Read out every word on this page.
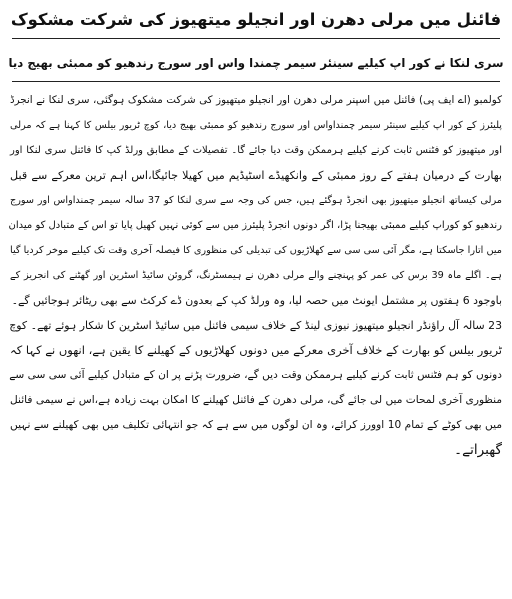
فائنل میں مرلی دھرن اور انجیلو میتھیوز کی شرکت مشکوک
سری لنکا نے کور اپ کیلیے سینئر سیمر چمندا واس اور سورج رندھیو کو ممبئی بھیج دیا
کولمبو (اے ایف پی) فائنل میں اسپنر مرلی دھرن اور انجیلو میتھیوز کی شرکت مشکوک ہوگئی، سری لنکا نے انجرڈ
پلیئرز کے کور اپ کیلیے سینئر سیمر چمنداواس اور سورج رندھیو کو ممبئی بھیج دیا، کوچ ٹریور بیلس کا کہنا ہے کہ مرلی
اور میتھیوز کو فٹنس ثابت کرنے کیلیے ہرممکن وقت دیا جائے گا۔ تفصیلات کے مطابق ورلڈ کپ کا فائنل سری لنکا اور
بھارت کے درمیان ہفتے کے روز ممبئی کے وانکھیڈے اسٹیڈیم میں کھیلا جائیگا،اس اہم ترین معرکے سے قبل
مرلی کیساتھ انجیلو میتھیوز بھی انجرڈ ہوگئے ہیں، جس کی وجہ سے سری لنکا کو 37 سالہ سیمر چمنداواس اور سورج
رندھیو کو کوراپ کیلیے ممبئی بھیجنا پڑا، اگر دونوں انجرڈ پلیئرز میں سے کوئی نہیں کھیل پایا تو اس کے متبادل کو میدان
میں اتارا جاسکتا ہے، مگر آئی سی سی سے کھلاڑیوں کی تبدیلی کی منظوری کا فیصلہ آخری وقت تک کیلیے موخر کردیا گیا
ہے۔ اگلے ماہ 39 برس کی عمر کو پہنچنے والے مرلی دھرن نے ہیمسٹرنگ، گروئن سائیڈ اسٹرین اور گھٹنے کی انجریز کے
باوجود 6 ہفتوں پر مشتمل ایونٹ میں حصہ لیا، وہ ورلڈ کپ کے بعدون ڈے کرکٹ سے بھی ریٹائر ہوجائیں گے۔
23 سالہ آل راؤنڈر انجیلو میتھیوز نیوزی لینڈ کے خلاف سیمی فائنل میں سائیڈ اسٹرین کا شکار ہوئے تھے۔ کوچ
ٹریور بیلس کو بھارت کے خلاف آخری معرکے میں دونوں کھلاڑیوں کے کھیلنے کا یقین ہے، انھوں نے کہا کہ
دونوں کو ہم فٹنس ثابت کرنے کیلیے ہرممکن وقت دیں گے، ضرورت پڑنے پر ان کے متبادل کیلیے آئی سی سی سے
منظوری آخری لمحات میں لی جائے گی، مرلی دھرن کے فائنل کھیلنے کا امکان بہت زیادہ ہے،اس نے سیمی فائنل
میں بھی کوٹے کے تمام 10 اوورز کرائے، وہ ان لوگوں میں سے ہے کہ جو انتہائی تکلیف میں بھی کھیلنے سے نہیں
گھبراتے۔
